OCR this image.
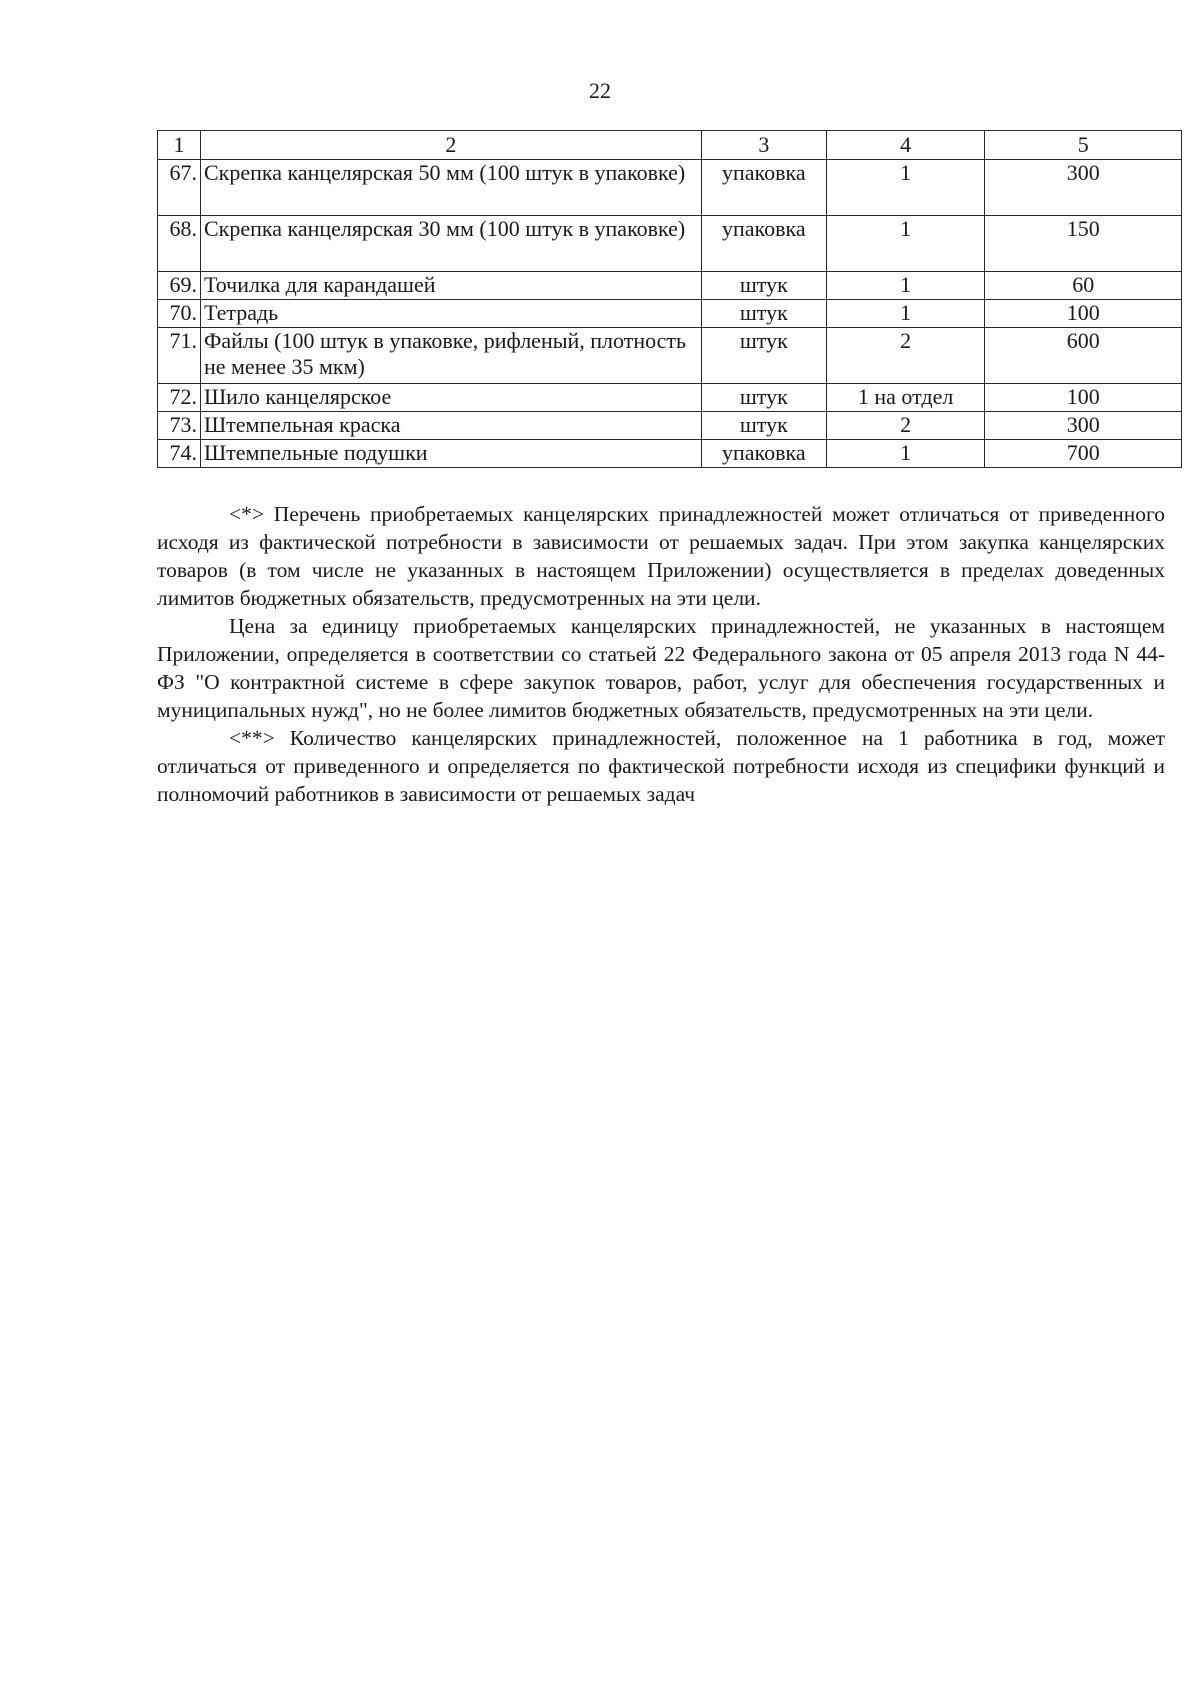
22
1	2	3	4	5
67.	Скрепка канцелярская 50 мм (100 штук в упаковке)	упаковка	1	300
68.	Скрепка канцелярская 30 мм (100 штук в упаковке)	упаковка	1	150
69.	Точилка для карандашей	штук	1	60
70.	Тетрадь	штук	1	100
71.	Файлы (100 штук в упаковке, рифленый, плотность не менее 35 мкм)	штук	2	600
72.	Шило канцелярское	штук	1 на отдел	100
73.	Штемпельная краска	штук	2	300
74.	Штемпельные подушки	упаковка	1	700

<*> Перечень приобретаемых канцелярских принадлежностей может отличаться от приведенного исходя из фактической потребности в зависимости от решаемых задач. При этом закупка канцелярских товаров (в том числе не указанных в настоящем Приложении) осуществляется в пределах доведенных лимитов бюджетных обязательств, предусмотренных на эти цели.

Цена за единицу приобретаемых канцелярских принадлежностей, не указанных в настоящем Приложении, определяется в соответствии со статьей 22 Федерального закона от 05 апреля 2013 года N 44-ФЗ "О контрактной системе в сфере закупок товаров, работ, услуг для обеспечения государственных и муниципальных нужд", но не более лимитов бюджетных обязательств, предусмотренных на эти цели.

<**> Количество канцелярских принадлежностей, положенное на 1 работника в год, может отличаться от приведенного и определяется по фактической потребности исходя из специфики функций и полномочий работников в зависимости от решаемых задач
